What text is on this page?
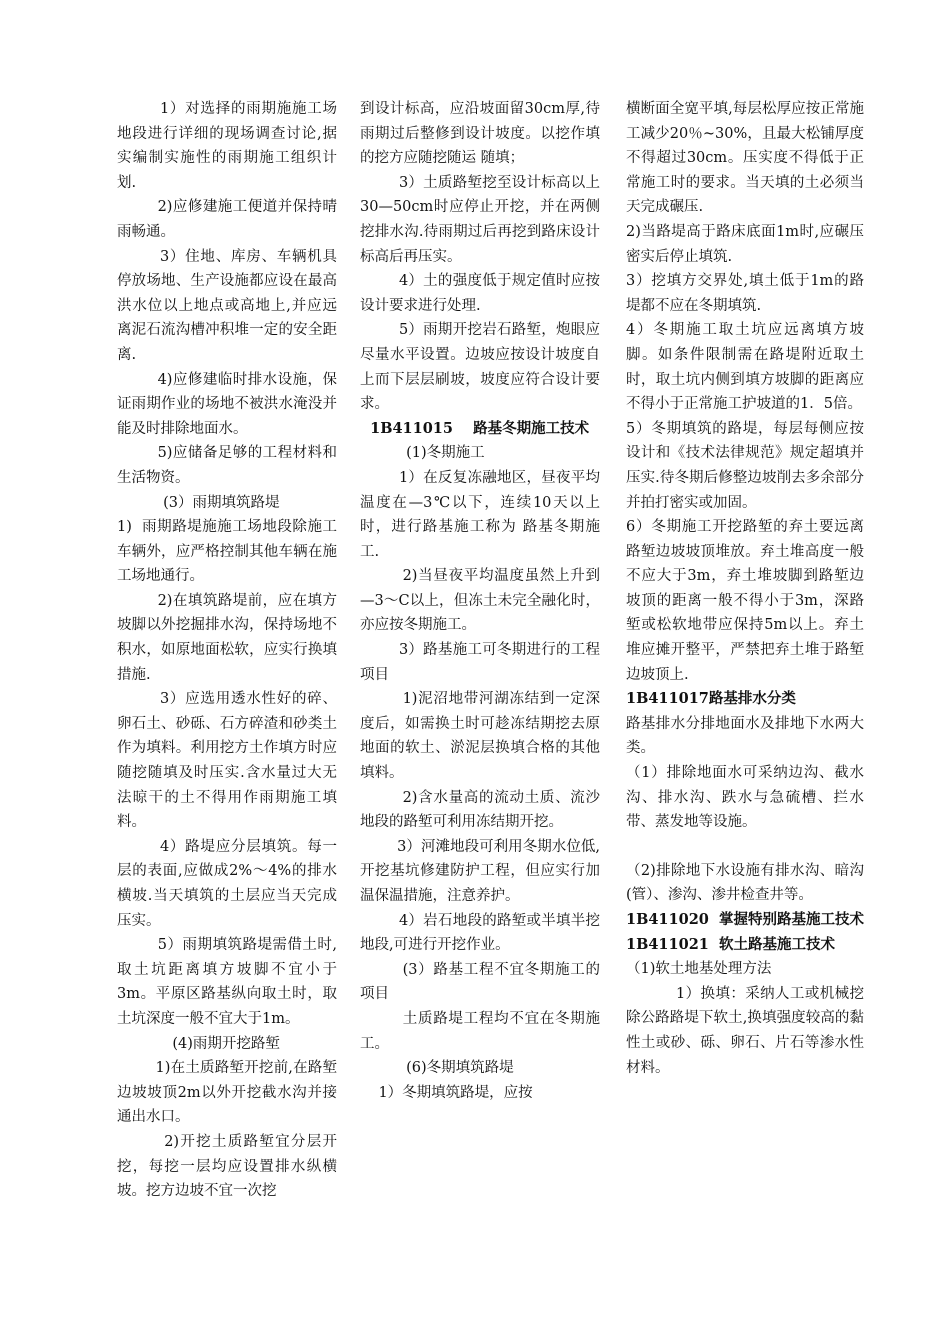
1）对选择的雨期施施工场地段进行详细的现场调查讨论,据实编制实施性的雨期施工组织计划.

2)应修建施工便道并保持晴雨畅通。

3）住地、库房、车辆机具停放场地、生产设施都应设在最高洪水位以上地点或高地上,并应远离泥石流沟槽冲积堆一定的安全距离.

4)应修建临时排水设施，保证雨期作业的场地不被洪水淹没并能及时排除地面水。

5)应储备足够的工程材料和生活物资。

(3）雨期填筑路堤

1)  雨期路堤施施工场地段除施工车辆外，应严格控制其他车辆在施工场地通行。

2)在填筑路堤前，应在填方坡脚以外挖掘排水沟，保持场地不积水，如原地面松软，应实行换填措施.

3）应选用透水性好的碎、卵石土、砂砾、石方碎渣和砂类土作为填料。利用挖方土作填方时应随挖随填及时压实.含水量过大无法晾干的土不得用作雨期施工填料。

4）路堤应分层填筑。每一层的表面,应做成2%～4%的排水横坡.当天填筑的土层应当天完成压实。

5）雨期填筑路堤需借土时,取土坑距离填方坡脚不宜小于3m。平原区路基纵向取土时，取土坑深度一般不宜大于1m。

(4)雨期开挖路堑

1)在土质路堑开挖前,在路堑边坡坡顶2m以外开挖截水沟并接通出水口。

2)开挖土质路堑宜分层开挖，每挖一层均应设置排水纵横坡。挖方边坡不宜一次挖

到设计标高，应沿坡面留30cm厚,待雨期过后整修到设计坡度。以挖作填的挖方应随挖随运 随填；

3）土质路堑挖至设计标高以上30—50cm时应停止开挖，并在两侧挖排水沟.待雨期过后再挖到路床设计标高后再压实。

4）土的强度低于规定值时应按设计要求进行处理.

5）雨期开挖岩石路堑，炮眼应尽量水平设置。边坡应按设计坡度自上而下层层刷坡，坡度应符合设计要求。

1B411015    路基冬期施工技术

(1)冬期施工

1）在反复冻融地区，昼夜平均温度在—3℃以下，连续10天以上时，进行路基施工称为 路基冬期施工.

2)当昼夜平均温度虽然上升到—3～C以上，但冻土未完全融化时，亦应按冬期施工。

3）路基施工可冬期进行的工程项目

1)泥沼地带河湖冻结到一定深度后，如需换土时可趁冻结期挖去原地面的软土、淤泥层换填合格的其他填料。

2)含水量高的流动土质、流沙地段的路堑可利用冻结期开挖。

3）河滩地段可利用冬期水位低,开挖基坑修建防护工程，但应实行加温保温措施，注意养护。

4）岩石地段的路堑或半填半挖地段,可进行开挖作业。

(3）路基工程不宜冬期施工的项目

土质路堤工程均不宜在冬期施工。

(6)冬期填筑路堤

1）冬期填筑路堤，应按

横断面全宽平填,每层松厚应按正常施工减少20％~30%，且最大松铺厚度不得超过30cm。压实度不得低于正常施工时的要求。当天填的土必须当天完成碾压.

2)当路堤高于路床底面1m时,应碾压密实后停止填筑.

3）挖填方交界处,填土低于1m的路堤都不应在冬期填筑.

4）冬期施工取土坑应远离填方坡脚。如条件限制需在路堤附近取土时，取土坑内侧到填方坡脚的距离应不得小于正常施工护坡道的1．5倍。

5）冬期填筑的路堤，每层每侧应按设计和《技术法律规范》规定超填并压实.待冬期后修整边坡削去多余部分并拍打密实或加固。

6）冬期施工开挖路堑的弃土要远离路堑边坡坡顶堆放。弃土堆高度一般不应大于3m，弃土堆坡脚到路堑边坡顶的距离一般不得小于3m，深路堑或松软地带应保持5m以上。弃土堆应摊开整平，严禁把弃土堆于路堑边坡顶上.

1B411017路基排水分类

路基排水分排地面水及排地下水两大类。

（1）排除地面水可采纳边沟、截水沟、排水沟、跌水与急硫槽、拦水带、蒸发地等设施。

（2)排除地下水设施有排水沟、暗沟(管）、渗沟、渗井检查井等。

1B411020  掌握特别路基施工技术

1B411021  软土路基施工技术

（1)软土地基处理方法

1）换填：采纳人工或机械挖除公路路堤下软土,换填强度较高的黏性土或砂、砾、卵石、片石等渗水性材料。
